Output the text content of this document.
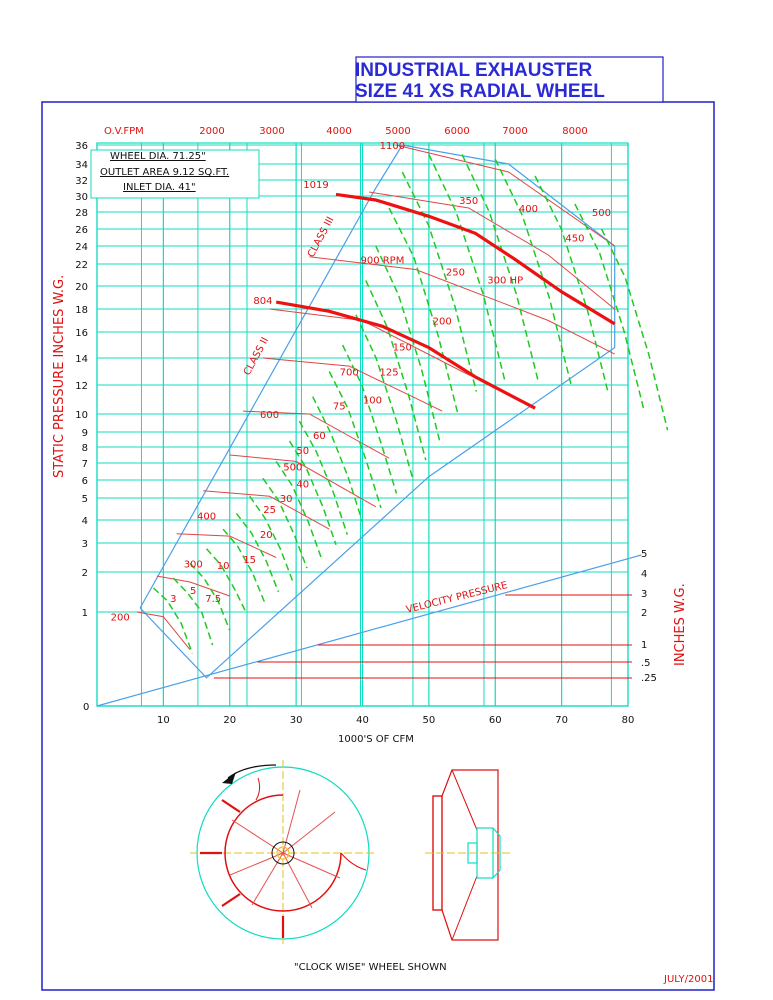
INDUSTRIAL EXHAUSTER
SIZE 41 XS RADIAL WHEEL
10	20	30	40	50	60	70	80
0
1
2
3
4
5
6
7
8
9
10
12
14
16
18
20
22
24
26
28
30
32
34
36
2000	3000	4000	5000	6000	7000	8000
.25
.5
1
2
3
4
5
200
300
400
500
600
700
804
900 RPM
1019
1100
3
5
7.5
10
15
20
25
30
40
50
60
75
100
125
150
200
250
300 HP
350
400
450
500
WHEEL DIA. 71.25"
OUTLET AREA 9.12 SQ.FT.
INLET DIA. 41"
O.V.FPM
STATIC PRESSURE INCHES W.G.
INCHES W.G.
1000'S OF CFM
VELOCITY PRESSURE
CLASS III
CLASS II
"CLOCK WISE" WHEEL SHOWN
JULY/2001
